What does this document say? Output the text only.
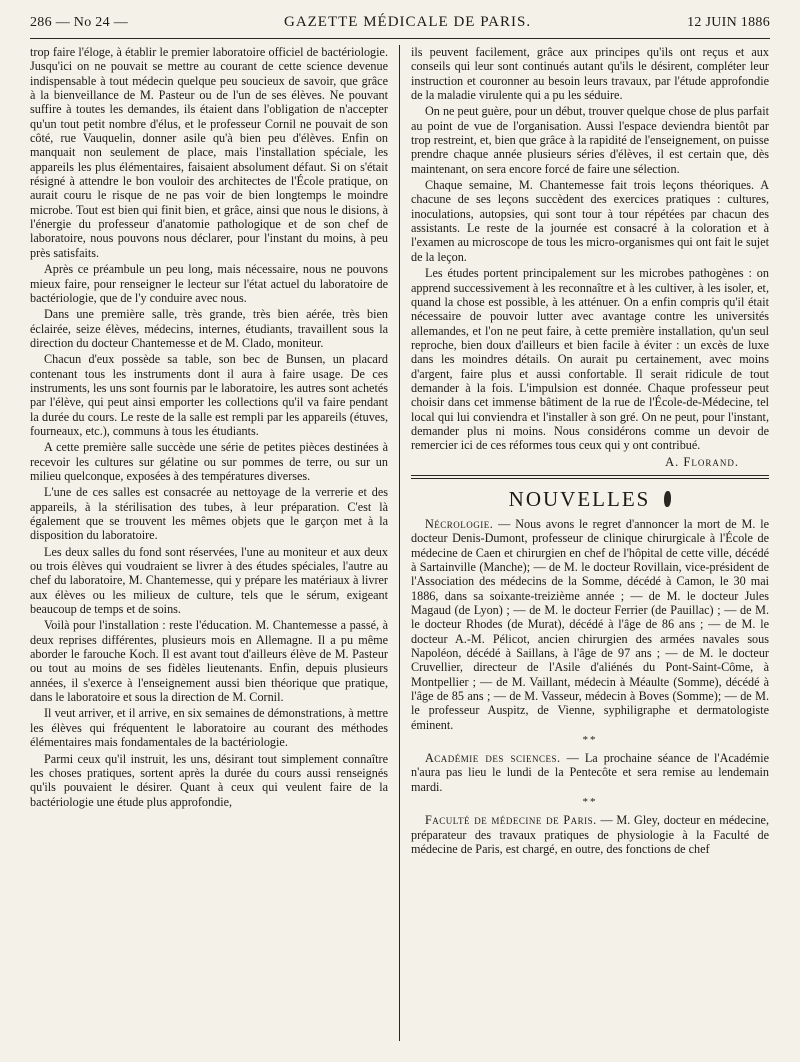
286 — No 24 —	GAZETTE MÉDICALE DE PARIS.	12 JUIN 1886

trop faire l'éloge, à établir le premier laboratoire officiel de bactériologie. Jusqu'ici on ne pouvait se mettre au courant de cette science devenue indispensable à tout médecin quelque peu soucieux de savoir, que grâce à la bienveillance de M. Pasteur ou de l'un de ses élèves. Ne pouvant suffire à toutes les demandes, ils étaient dans l'obligation de n'accepter qu'un tout petit nombre d'élus, et le professeur Cornil ne pouvait de son côté, rue Vauquelin, donner asile qu'à bien peu d'élèves. Enfin on manquait non seulement de place, mais l'installation spéciale, les appareils les plus élémentaires, faisaient absolument défaut. Si on s'était résigné à attendre le bon vouloir des architectes de l'École pratique, on aurait couru le risque de ne pas voir de bien longtemps le moindre microbe. Tout est bien qui finit bien, et grâce, ainsi que nous le disions, à l'énergie du professeur d'anatomie pathologique et de son chef de laboratoire, nous pouvons nous déclarer, pour l'instant du moins, à peu près satisfaits.

Après ce préambule un peu long, mais nécessaire, nous ne pouvons mieux faire, pour renseigner le lecteur sur l'état actuel du laboratoire de bactériologie, que de l'y conduire avec nous.

Dans une première salle, très grande, très bien aérée, très bien éclairée, seize élèves, médecins, internes, étudiants, travaillent sous la direction du docteur Chantemesse et de M. Clado, moniteur.

Chacun d'eux possède sa table, son bec de Bunsen, un placard contenant tous les instruments dont il aura à faire usage. De ces instruments, les uns sont fournis par le laboratoire, les autres sont achetés par l'élève, qui peut ainsi emporter les collections qu'il va faire pendant la durée du cours. Le reste de la salle est rempli par les appareils (étuves, fourneaux, etc.), communs à tous les étudiants.

A cette première salle succède une série de petites pièces destinées à recevoir les cultures sur gélatine ou sur pommes de terre, ou sur un milieu quelconque, exposées à des températures diverses.

L'une de ces salles est consacrée au nettoyage de la verrerie et des appareils, à la stérilisation des tubes, à leur préparation. C'est là également que se trouvent les mêmes objets que le garçon met à la disposition du laboratoire.

Les deux salles du fond sont réservées, l'une au moniteur et aux deux ou trois élèves qui voudraient se livrer à des études spéciales, l'autre au chef du laboratoire, M. Chantemesse, qui y prépare les matériaux à livrer aux élèves ou les milieux de culture, tels que le sérum, exigeant beaucoup de temps et de soins.

Voilà pour l'installation : reste l'éducation. M. Chantemesse a passé, à deux reprises différentes, plusieurs mois en Allemagne. Il a pu même aborder le farouche Koch. Il est avant tout d'ailleurs élève de M. Pasteur ou tout au moins de ses fidèles lieutenants. Enfin, depuis plusieurs années, il s'exerce à l'enseignement aussi bien théorique que pratique, dans le laboratoire et sous la direction de M. Cornil.

Il veut arriver, et il arrive, en six semaines de démonstrations, à mettre les élèves qui fréquentent le laboratoire au courant des méthodes élémentaires mais fondamentales de la bactériologie.

Parmi ceux qu'il instruit, les uns, désirant tout simplement connaître les choses pratiques, sortent après la durée du cours aussi renseignés qu'ils pouvaient le désirer. Quant à ceux qui veulent faire de la bactériologie une étude plus approfondie,

ils peuvent facilement, grâce aux principes qu'ils ont reçus et aux conseils qui leur sont continués autant qu'ils le désirent, compléter leur instruction et couronner au besoin leurs travaux, par l'étude approfondie de la maladie virulente qui a pu les séduire.

On ne peut guère, pour un début, trouver quelque chose de plus parfait au point de vue de l'organisation. Aussi l'espace deviendra bientôt par trop restreint, et, bien que grâce à la rapidité de l'enseignement, on puisse prendre chaque année plusieurs séries d'élèves, il est certain que, dès maintenant, on sera encore forcé de faire une sélection.

Chaque semaine, M. Chantemesse fait trois leçons théoriques. A chacune de ses leçons succèdent des exercices pratiques : cultures, inoculations, autopsies, qui sont tour à tour répétées par chacun des assistants. Le reste de la journée est consacré à la coloration et à l'examen au microscope de tous les micro-organismes qui ont fait le sujet de la leçon.

Les études portent principalement sur les microbes pathogènes : on apprend successivement à les reconnaître et à les cultiver, à les isoler, et, quand la chose est possible, à les atténuer. On a enfin compris qu'il était nécessaire de pouvoir lutter avec avantage contre les universités allemandes, et l'on ne peut faire, à cette première installation, qu'un seul reproche, bien doux d'ailleurs et bien facile à éviter : un excès de luxe dans les moindres détails. On aurait pu certainement, avec moins d'argent, faire plus et aussi confortable. Il serait ridicule de tout demander à la fois. L'impulsion est donnée. Chaque professeur peut choisir dans cet immense bâtiment de la rue de l'École-de-Médecine, tel local qui lui conviendra et l'installer à son gré. On ne peut, pour l'instant, demander plus ni moins. Nous considérons comme un devoir de remercier ici de ces réformes tous ceux qui y ont contribué.

A. Florand.
NOUVELLES

Nécrologie. — Nous avons le regret d'annoncer la mort de M. le docteur Denis-Dumont, professeur de clinique chirurgicale à l'École de médecine de Caen et chirurgien en chef de l'hôpital de cette ville, décédé à Sartainville (Manche); — de M. le docteur Rovillain, vice-président de l'Association des médecins de la Somme, décédé à Camon, le 30 mai 1886, dans sa soixante-treizième année ; — de M. le docteur Jules Magaud (de Lyon) ; — de M. le docteur Ferrier (de Pauillac) ; — de M. le docteur Rhodes (de Murat), décédé à l'âge de 86 ans ; — de M. le docteur A.-M. Pélicot, ancien chirurgien des armées navales sous Napoléon, décédé à Saillans, à l'âge de 97 ans ; — de M. le docteur Cruvellier, directeur de l'Asile d'aliénés du Pont-Saint-Côme, à Montpellier ; — de M. Vaillant, médecin à Méaulte (Somme), décédé à l'âge de 85 ans ; — de M. Vasseur, médecin à Boves (Somme); — de M. le professeur Auspitz, de Vienne, syphiligraphe et dermatologiste éminent.

**

Académie des sciences. — La prochaine séance de l'Académie n'aura pas lieu le lundi de la Pentecôte et sera remise au lendemain mardi.

**

Faculté de médecine de Paris. — M. Gley, docteur en médecine, préparateur des travaux pratiques de physiologie à la Faculté de médecine de Paris, est chargé, en outre, des fonctions de chef
